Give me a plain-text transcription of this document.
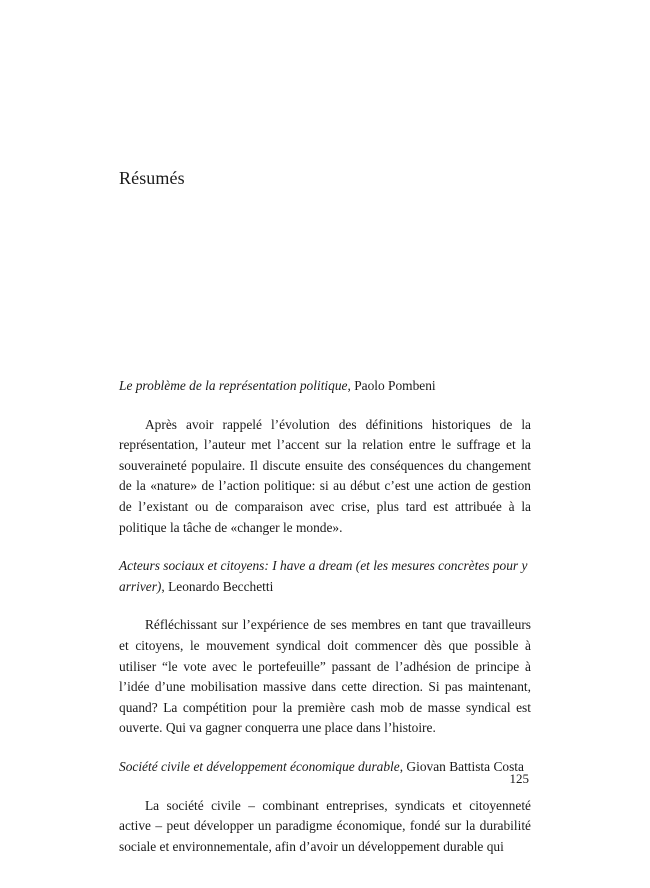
Résumés

Le problème de la représentation politique, Paolo Pombeni

Après avoir rappelé l’évolution des définitions historiques de la représentation, l’auteur met l’accent sur la relation entre le suffrage et la souveraineté populaire. Il discute ensuite des conséquences du changement de la «nature» de l’action politique: si au début c’est une action de gestion de l’existant ou de comparaison avec crise, plus tard est attribuée à la politique la tâche de «changer le monde».

Acteurs sociaux et citoyens: I have a dream (et les mesures concrètes pour y arriver), Leonardo Becchetti

Réfléchissant sur l’expérience de ses membres en tant que travailleurs et citoyens, le mouvement syndical doit commencer dès que possible à utiliser “le vote avec le portefeuille” passant de l’adhésion de principe à l’idée d’une mobilisation massive dans cette direction. Si pas maintenant, quand? La compétition pour la première cash mob de masse syndical est ouverte. Qui va gagner conquerra une place dans l’histoire.

Société civile et développement économique durable, Giovan Battista Costa

La société civile – combinant entreprises, syndicats et citoyenneté active – peut développer un paradigme économique, fondé sur la durabilité sociale et environnementale, afin d’avoir un développement durable qui

125
